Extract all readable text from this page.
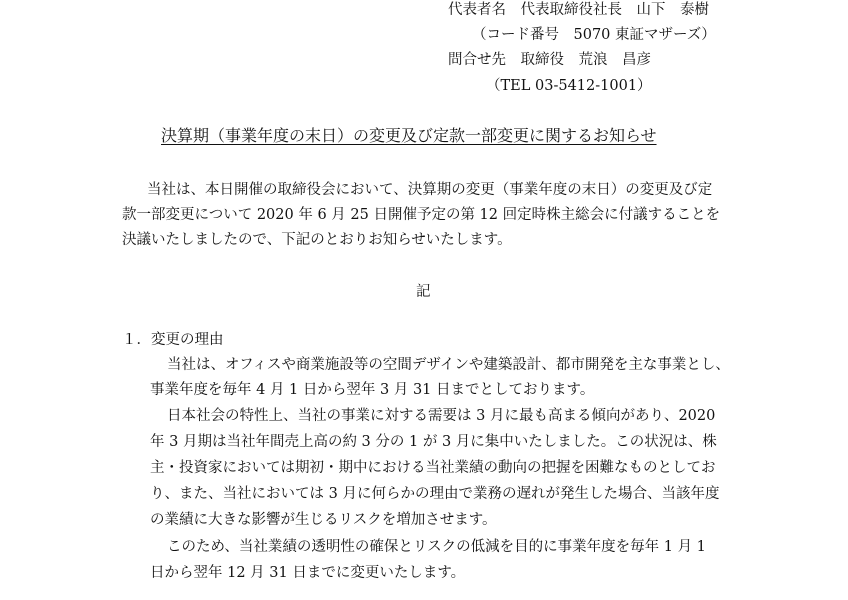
代表者名　代表取締役社長　山下　泰樹
（コード番号　5070 東証マザーズ）
問合せ先　取締役　荒浪　昌彦
（TEL 03-5412-1001）
決算期（事業年度の末日）の変更及び定款一部変更に関するお知らせ
当社は、本日開催の取締役会において、決算期の変更（事業年度の末日）の変更及び定
款一部変更について 2020 年 6 月 25 日開催予定の第 12 回定時株主総会に付議することを
決議いたしましたので、下記のとおりお知らせいたします。
記
１．変更の理由
当社は、オフィスや商業施設等の空間デザインや建築設計、都市開発を主な事業とし、
事業年度を毎年 4 月 1 日から翌年 3 月 31 日までとしております。
日本社会の特性上、当社の事業に対する需要は 3 月に最も高まる傾向があり、2020
年 3 月期は当社年間売上高の約 3 分の 1 が 3 月に集中いたしました。この状況は、株
主・投資家においては期初・期中における当社業績の動向の把握を困難なものとしてお
り、また、当社においては 3 月に何らかの理由で業務の遅れが発生した場合、当該年度
の業績に大きな影響が生じるリスクを増加させます。
このため、当社業績の透明性の確保とリスクの低減を目的に事業年度を毎年 1 月 1
日から翌年 12 月 31 日までに変更いたします。
